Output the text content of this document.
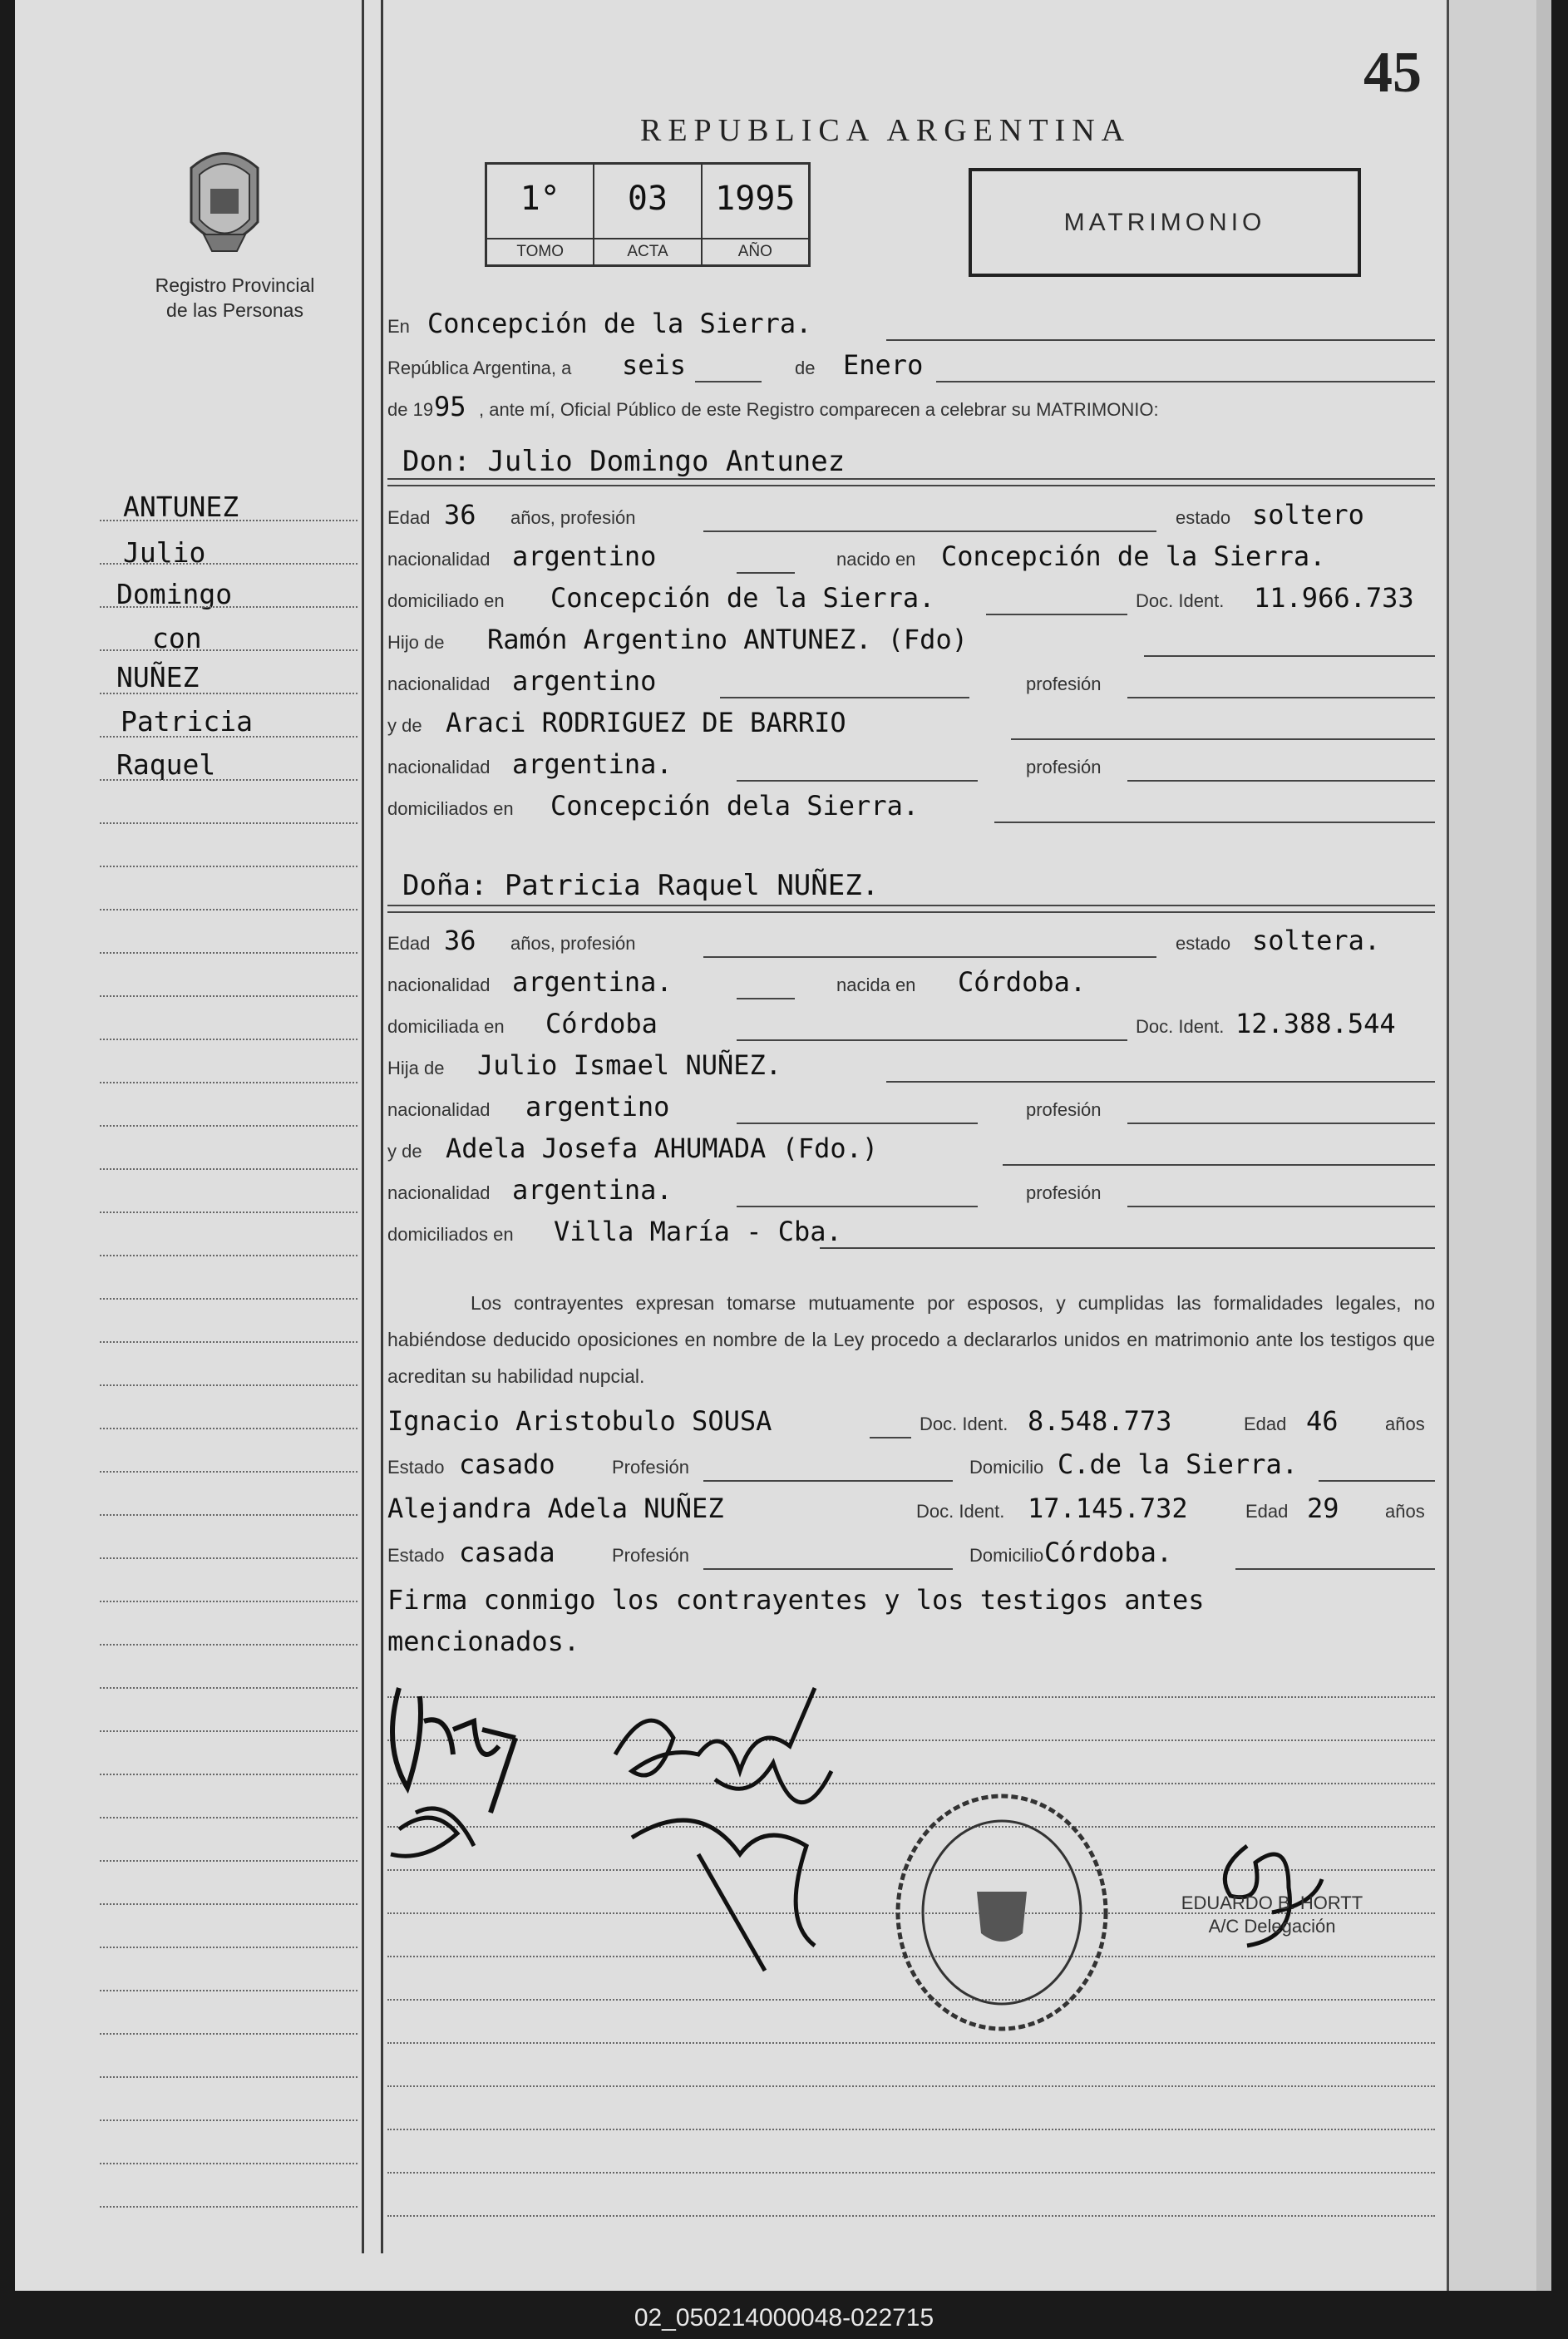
45
REPUBLICA ARGENTINA
1°
TOMO
03
ACTA
1995
AÑO
MATRIMONIO
Registro Provincial
de las Personas
ANTUNEZ
Julio
Domingo
con
NUÑEZ
Patricia
Raquel
En Concepción de la Sierra.
República Argentina, a seis	de Enero
de 19 95 , ante mí, Oficial Público de este Registro comparecen a celebrar su MATRIMONIO:
Don: Julio Domingo Antunez
Edad 36 años, profesión	estado soltero
nacionalidad argentino	nacido en Concepción de la Sierra.
domiciliado en Concepción de la Sierra.	Doc. Ident. 11.966.733
Hijo de Ramón Argentino ANTUNEZ. (Fdo)
nacionalidad argentino	profesión
y de Araci RODRIGUEZ DE BARRIO
nacionalidad argentina.	profesión
domiciliados en Concepción dela Sierra.
Doña: Patricia Raquel NUÑEZ.
Edad 36 años, profesión	estado soltera.
nacionalidad argentina.	nacida en Córdoba.
domiciliada en Córdoba	Doc. Ident. 12.388.544
Hija de Julio Ismael NUÑEZ.
nacionalidad argentino	profesión
y de Adela Josefa AHUMADA (Fdo.)
nacionalidad argentina.	profesión
domiciliados en Villa María - Cba.

Los contrayentes expresan tomarse mutuamente por esposos, y cumplidas las formalidades legales, no habiéndose deducido oposiciones en nombre de la Ley procedo a declararlos unidos en matrimonio ante los testigos que acreditan su habilidad nupcial.

Ignacio Aristobulo SOUSA	Doc. Ident. 8.548.773	Edad 46	años
Estado casado	Profesión	Domicilio C.de la Sierra.
Alejandra Adela NUÑEZ	Doc. Ident. 17.145.732	Edad 29	años
Estado casada	Profesión	Domicilio Córdoba.
Firma conmigo los contrayentes y los testigos antes
mencionados.
EDUARDO B. HORTT
A/C Delegación
02_050214000048-022715
